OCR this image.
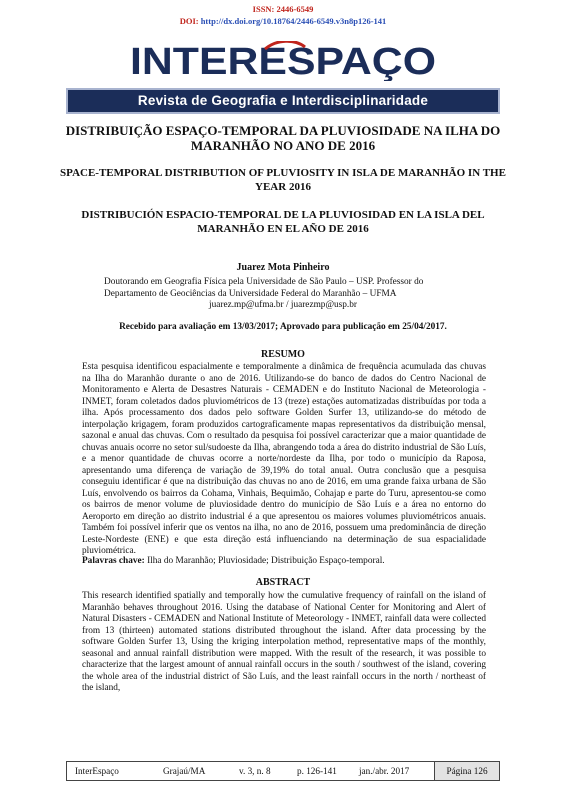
ISSN: 2446-6549
DOI: http://dx.doi.org/10.18764/2446-6549.v3n8p126-141
INTERESPAÇO
Revista de Geografia e Interdisciplinaridade
DISTRIBUIÇÃO ESPAÇO-TEMPORAL DA PLUVIOSIDADE NA ILHA DO MARANHÃO NO ANO DE 2016
SPACE-TEMPORAL DISTRIBUTION OF PLUVIOSITY IN ISLA DE MARANHÃO IN THE YEAR 2016
DISTRIBUCIÓN ESPACIO-TEMPORAL DE LA PLUVIOSIDAD EN LA ISLA DEL MARANHÃO EN EL AÑO DE 2016
Juarez Mota Pinheiro
Doutorando em Geografia Física pela Universidade de São Paulo – USP. Professor do Departamento de Geociências da Universidade Federal do Maranhão – UFMA
juarez.mp@ufma.br / juarezmp@usp.br
Recebido para avaliação em 13/03/2017; Aprovado para publicação em 25/04/2017.
RESUMO
Esta pesquisa identificou espacialmente e temporalmente a dinâmica de frequência acumulada das chuvas na Ilha do Maranhão durante o ano de 2016. Utilizando-se do banco de dados do Centro Nacional de Monitoramento e Alerta de Desastres Naturais - CEMADEN e do Instituto Nacional de Meteorologia - INMET, foram coletados dados pluviométricos de 13 (treze) estações automatizadas distribuídas por toda a ilha. Após processamento dos dados pelo software Golden Surfer 13, utilizando-se do método de interpolação krigagem, foram produzidos cartograficamente mapas representativos da distribuição mensal, sazonal e anual das chuvas. Com o resultado da pesquisa foi possível caracterizar que a maior quantidade de chuvas anuais ocorre no setor sul/sudoeste da Ilha, abrangendo toda a área do distrito industrial de São Luís, e a menor quantidade de chuvas ocorre a norte/nordeste da Ilha, por todo o município da Raposa, apresentando uma diferença de variação de 39,19% do total anual. Outra conclusão que a pesquisa conseguiu identificar é que na distribuição das chuvas no ano de 2016, em uma grande faixa urbana de São Luís, envolvendo os bairros da Cohama, Vinhais, Bequimão, Cohajap e parte do Turu, apresentou-se como os bairros de menor volume de pluviosidade dentro do município de São Luís e a área no entorno do Aeroporto em direção ao distrito industrial é a que apresentou os maiores volumes pluviométricos anuais. Também foi possível inferir que os ventos na ilha, no ano de 2016, possuem uma predominância de direção Leste-Nordeste (ENE) e que esta direção está influenciando na determinação de sua espacialidade pluviométrica.
Palavras chave: Ilha do Maranhão; Pluviosidade; Distribuição Espaço-temporal.
ABSTRACT
This research identified spatially and temporally how the cumulative frequency of rainfall on the island of Maranhão behaves throughout 2016. Using the database of National Center for Monitoring and Alert of Natural Disasters - CEMADEN and National Institute of Meteorology - INMET, rainfall data were collected from 13 (thirteen) automated stations distributed throughout the island. After data processing by the software Golden Surfer 13, Using the kriging interpolation method, representative maps of the monthly, seasonal and annual rainfall distribution were mapped. With the result of the research, it was possible to characterize that the largest amount of annual rainfall occurs in the south / southwest of the island, covering the whole area of the industrial district of São Luís, and the least rainfall occurs in the north / northeast of the island,
InterEspaço	Grajaú/MA	v. 3, n. 8	p. 126-141 jan./abr. 2017	Página 126
